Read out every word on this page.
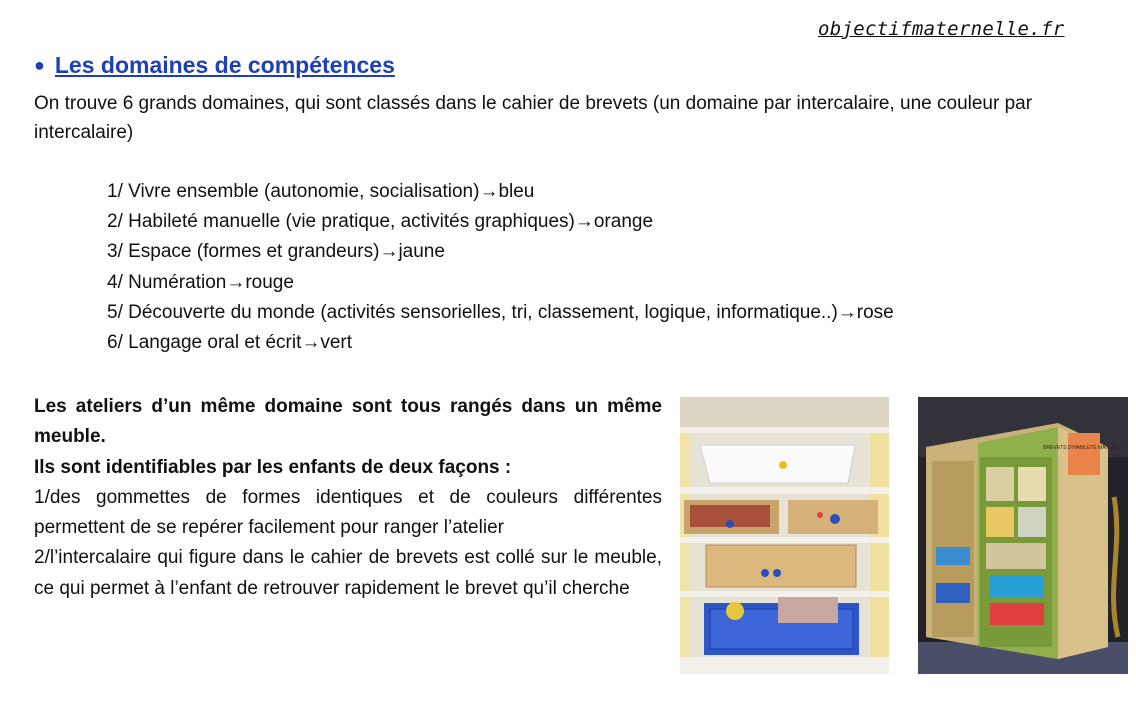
objectifmaternelle.fr
● Les domaines de compétences
On trouve 6 grands domaines, qui sont classés dans le cahier de brevets (un domaine par intercalaire, une couleur par intercalaire)
1/ Vivre ensemble (autonomie, socialisation)→bleu
2/ Habileté manuelle (vie pratique, activités graphiques)→orange
3/ Espace (formes et grandeurs)→jaune
4/ Numération→rouge
5/ Découverte du monde (activités sensorielles, tri, classement, logique, informatique..)→rose
6/ Langage oral et écrit→vert
Les ateliers d’un même domaine sont tous rangés dans un même meuble.
Ils sont identifiables par les enfants de deux façons :
1/des gommettes de formes identiques et de couleurs différentes permettent de se repérer facilement pour ranger l’atelier
2/l’intercalaire qui figure dans le cahier de brevets est collé sur le meuble, ce qui permet à l’enfant de retrouver rapidement le brevet qu’il cherche
BREVETS D'HABILETÉ MANUELLE
